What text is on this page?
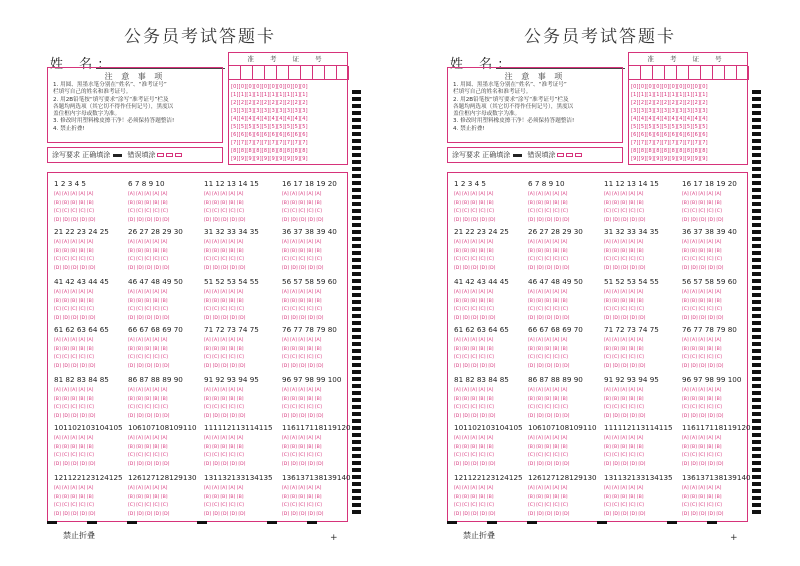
公务员考试答题卡
姓 名:
注 意 事 项
1. 用圆、黑墨水笔分别在“姓名”、“准考证号”
栏填写自己的姓名和准考证号。
2. 用2B铅笔按“填写要求”涂写“准考证号”栏及
各题均两选项（其它切不得作任何记号），黑度以
盖住框内字母或数字为准。
3. 修改时用塑料橡皮擦干净！必须保持答题整洁!
4. 禁止折叠!
准 考 证 号
[0][0][0][0][0][0][0][0][0][0]
[1][1][1][1][1][1][1][1][1][1]
[2][2][2][2][2][2][2][2][2][2]
[3][3][3][3][3][3][3][3][3][3]
[4][4][4][4][4][4][4][4][4][4]
[5][5][5][5][5][5][5][5][5][5]
[6][6][6][6][6][6][6][6][6][6]
[7][7][7][7][7][7][7][7][7][7]
[8][8][8][8][8][8][8][8][8][8]
[9][9][9][9][9][9][9][9][9][9]
涂写要求 正确填涂 错误填涂
1 2 3 4 5
[A] [A] [A] [A] [A]
[B] [B] [B] [B] [B]
[C] [C] [C] [C] [C]
[D] [D] [D] [D] [D]
6 7 8 9 10
[A] [A] [A] [A] [A]
[B] [B] [B] [B] [B]
[C] [C] [C] [C] [C]
[D] [D] [D] [D] [D]
11 12 13 14 15
[A] [A] [A] [A] [A]
[B] [B] [B] [B] [B]
[C] [C] [C] [C] [C]
[D] [D] [D] [D] [D]
16 17 18 19 20
[A] [A] [A] [A] [A]
[B] [B] [B] [B] [B]
[C] [C] [C] [C] [C]
[D] [D] [D] [D] [D]
21 22 23 24 25
[A] [A] [A] [A] [A]
[B] [B] [B] [B] [B]
[C] [C] [C] [C] [C]
[D] [D] [D] [D] [D]
26 27 28 29 30
[A] [A] [A] [A] [A]
[B] [B] [B] [B] [B]
[C] [C] [C] [C] [C]
[D] [D] [D] [D] [D]
31 32 33 34 35
[A] [A] [A] [A] [A]
[B] [B] [B] [B] [B]
[C] [C] [C] [C] [C]
[D] [D] [D] [D] [D]
36 37 38 39 40
[A] [A] [A] [A] [A]
[B] [B] [B] [B] [B]
[C] [C] [C] [C] [C]
[D] [D] [D] [D] [D]
41 42 43 44 45
[A] [A] [A] [A] [A]
[B] [B] [B] [B] [B]
[C] [C] [C] [C] [C]
[D] [D] [D] [D] [D]
46 47 48 49 50
[A] [A] [A] [A] [A]
[B] [B] [B] [B] [B]
[C] [C] [C] [C] [C]
[D] [D] [D] [D] [D]
51 52 53 54 55
[A] [A] [A] [A] [A]
[B] [B] [B] [B] [B]
[C] [C] [C] [C] [C]
[D] [D] [D] [D] [D]
56 57 58 59 60
[A] [A] [A] [A] [A]
[B] [B] [B] [B] [B]
[C] [C] [C] [C] [C]
[D] [D] [D] [D] [D]
61 62 63 64 65
[A] [A] [A] [A] [A]
[B] [B] [B] [B] [B]
[C] [C] [C] [C] [C]
[D] [D] [D] [D] [D]
66 67 68 69 70
[A] [A] [A] [A] [A]
[B] [B] [B] [B] [B]
[C] [C] [C] [C] [C]
[D] [D] [D] [D] [D]
71 72 73 74 75
[A] [A] [A] [A] [A]
[B] [B] [B] [B] [B]
[C] [C] [C] [C] [C]
[D] [D] [D] [D] [D]
76 77 78 79 80
[A] [A] [A] [A] [A]
[B] [B] [B] [B] [B]
[C] [C] [C] [C] [C]
[D] [D] [D] [D] [D]
81 82 83 84 85
[A] [A] [A] [A] [A]
[B] [B] [B] [B] [B]
[C] [C] [C] [C] [C]
[D] [D] [D] [D] [D]
86 87 88 89 90
[A] [A] [A] [A] [A]
[B] [B] [B] [B] [B]
[C] [C] [C] [C] [C]
[D] [D] [D] [D] [D]
91 92 93 94 95
[A] [A] [A] [A] [A]
[B] [B] [B] [B] [B]
[C] [C] [C] [C] [C]
[D] [D] [D] [D] [D]
96 97 98 99 100
[A] [A] [A] [A] [A]
[B] [B] [B] [B] [B]
[C] [C] [C] [C] [C]
[D] [D] [D] [D] [D]
101102103104105
[A] [A] [A] [A] [A]
[B] [B] [B] [B] [B]
[C] [C] [C] [C] [C]
[D] [D] [D] [D] [D]
106107108109110
[A] [A] [A] [A] [A]
[B] [B] [B] [B] [B]
[C] [C] [C] [C] [C]
[D] [D] [D] [D] [D]
111112113114115
[A] [A] [A] [A] [A]
[B] [B] [B] [B] [B]
[C] [C] [C] [C] [C]
[D] [D] [D] [D] [D]
116117118119120
[A] [A] [A] [A] [A]
[B] [B] [B] [B] [B]
[C] [C] [C] [C] [C]
[D] [D] [D] [D] [D]
121122123124125
[A] [A] [A] [A] [A]
[B] [B] [B] [B] [B]
[C] [C] [C] [C] [C]
[D] [D] [D] [D] [D]
126127128129130
[A] [A] [A] [A] [A]
[B] [B] [B] [B] [B]
[C] [C] [C] [C] [C]
[D] [D] [D] [D] [D]
131132133134135
[A] [A] [A] [A] [A]
[B] [B] [B] [B] [B]
[C] [C] [C] [C] [C]
[D] [D] [D] [D] [D]
136137138139140
[A] [A] [A] [A] [A]
[B] [B] [B] [B] [B]
[C] [C] [C] [C] [C]
[D] [D] [D] [D] [D]
禁止折叠	+
公务员考试答题卡
姓 名:
注 意 事 项
1. 用圆、黑墨水笔分别在“姓名”、“准考证号”
栏填写自己的姓名和准考证号。
2. 用2B铅笔按“填写要求”涂写“准考证号”栏及
各题均两选项（其它切不得作任何记号），黑度以
盖住框内字母或数字为准。
3. 修改时用塑料橡皮擦干净！必须保持答题整洁!
4. 禁止折叠!
准 考 证 号
[0][0][0][0][0][0][0][0][0][0]
[1][1][1][1][1][1][1][1][1][1]
[2][2][2][2][2][2][2][2][2][2]
[3][3][3][3][3][3][3][3][3][3]
[4][4][4][4][4][4][4][4][4][4]
[5][5][5][5][5][5][5][5][5][5]
[6][6][6][6][6][6][6][6][6][6]
[7][7][7][7][7][7][7][7][7][7]
[8][8][8][8][8][8][8][8][8][8]
[9][9][9][9][9][9][9][9][9][9]
涂写要求 正确填涂 错误填涂
1 2 3 4 5
[A] [A] [A] [A] [A]
[B] [B] [B] [B] [B]
[C] [C] [C] [C] [C]
[D] [D] [D] [D] [D]
6 7 8 9 10
[A] [A] [A] [A] [A]
[B] [B] [B] [B] [B]
[C] [C] [C] [C] [C]
[D] [D] [D] [D] [D]
11 12 13 14 15
[A] [A] [A] [A] [A]
[B] [B] [B] [B] [B]
[C] [C] [C] [C] [C]
[D] [D] [D] [D] [D]
16 17 18 19 20
[A] [A] [A] [A] [A]
[B] [B] [B] [B] [B]
[C] [C] [C] [C] [C]
[D] [D] [D] [D] [D]
21 22 23 24 25
[A] [A] [A] [A] [A]
[B] [B] [B] [B] [B]
[C] [C] [C] [C] [C]
[D] [D] [D] [D] [D]
26 27 28 29 30
[A] [A] [A] [A] [A]
[B] [B] [B] [B] [B]
[C] [C] [C] [C] [C]
[D] [D] [D] [D] [D]
31 32 33 34 35
[A] [A] [A] [A] [A]
[B] [B] [B] [B] [B]
[C] [C] [C] [C] [C]
[D] [D] [D] [D] [D]
36 37 38 39 40
[A] [A] [A] [A] [A]
[B] [B] [B] [B] [B]
[C] [C] [C] [C] [C]
[D] [D] [D] [D] [D]
41 42 43 44 45
[A] [A] [A] [A] [A]
[B] [B] [B] [B] [B]
[C] [C] [C] [C] [C]
[D] [D] [D] [D] [D]
46 47 48 49 50
[A] [A] [A] [A] [A]
[B] [B] [B] [B] [B]
[C] [C] [C] [C] [C]
[D] [D] [D] [D] [D]
51 52 53 54 55
[A] [A] [A] [A] [A]
[B] [B] [B] [B] [B]
[C] [C] [C] [C] [C]
[D] [D] [D] [D] [D]
56 57 58 59 60
[A] [A] [A] [A] [A]
[B] [B] [B] [B] [B]
[C] [C] [C] [C] [C]
[D] [D] [D] [D] [D]
61 62 63 64 65
[A] [A] [A] [A] [A]
[B] [B] [B] [B] [B]
[C] [C] [C] [C] [C]
[D] [D] [D] [D] [D]
66 67 68 69 70
[A] [A] [A] [A] [A]
[B] [B] [B] [B] [B]
[C] [C] [C] [C] [C]
[D] [D] [D] [D] [D]
71 72 73 74 75
[A] [A] [A] [A] [A]
[B] [B] [B] [B] [B]
[C] [C] [C] [C] [C]
[D] [D] [D] [D] [D]
76 77 78 79 80
[A] [A] [A] [A] [A]
[B] [B] [B] [B] [B]
[C] [C] [C] [C] [C]
[D] [D] [D] [D] [D]
81 82 83 84 85
[A] [A] [A] [A] [A]
[B] [B] [B] [B] [B]
[C] [C] [C] [C] [C]
[D] [D] [D] [D] [D]
86 87 88 89 90
[A] [A] [A] [A] [A]
[B] [B] [B] [B] [B]
[C] [C] [C] [C] [C]
[D] [D] [D] [D] [D]
91 92 93 94 95
[A] [A] [A] [A] [A]
[B] [B] [B] [B] [B]
[C] [C] [C] [C] [C]
[D] [D] [D] [D] [D]
96 97 98 99 100
[A] [A] [A] [A] [A]
[B] [B] [B] [B] [B]
[C] [C] [C] [C] [C]
[D] [D] [D] [D] [D]
101102103104105
[A] [A] [A] [A] [A]
[B] [B] [B] [B] [B]
[C] [C] [C] [C] [C]
[D] [D] [D] [D] [D]
106107108109110
[A] [A] [A] [A] [A]
[B] [B] [B] [B] [B]
[C] [C] [C] [C] [C]
[D] [D] [D] [D] [D]
111112113114115
[A] [A] [A] [A] [A]
[B] [B] [B] [B] [B]
[C] [C] [C] [C] [C]
[D] [D] [D] [D] [D]
116117118119120
[A] [A] [A] [A] [A]
[B] [B] [B] [B] [B]
[C] [C] [C] [C] [C]
[D] [D] [D] [D] [D]
121122123124125
[A] [A] [A] [A] [A]
[B] [B] [B] [B] [B]
[C] [C] [C] [C] [C]
[D] [D] [D] [D] [D]
126127128129130
[A] [A] [A] [A] [A]
[B] [B] [B] [B] [B]
[C] [C] [C] [C] [C]
[D] [D] [D] [D] [D]
131132133134135
[A] [A] [A] [A] [A]
[B] [B] [B] [B] [B]
[C] [C] [C] [C] [C]
[D] [D] [D] [D] [D]
136137138139140
[A] [A] [A] [A] [A]
[B] [B] [B] [B] [B]
[C] [C] [C] [C] [C]
[D] [D] [D] [D] [D]
禁止折叠	+
